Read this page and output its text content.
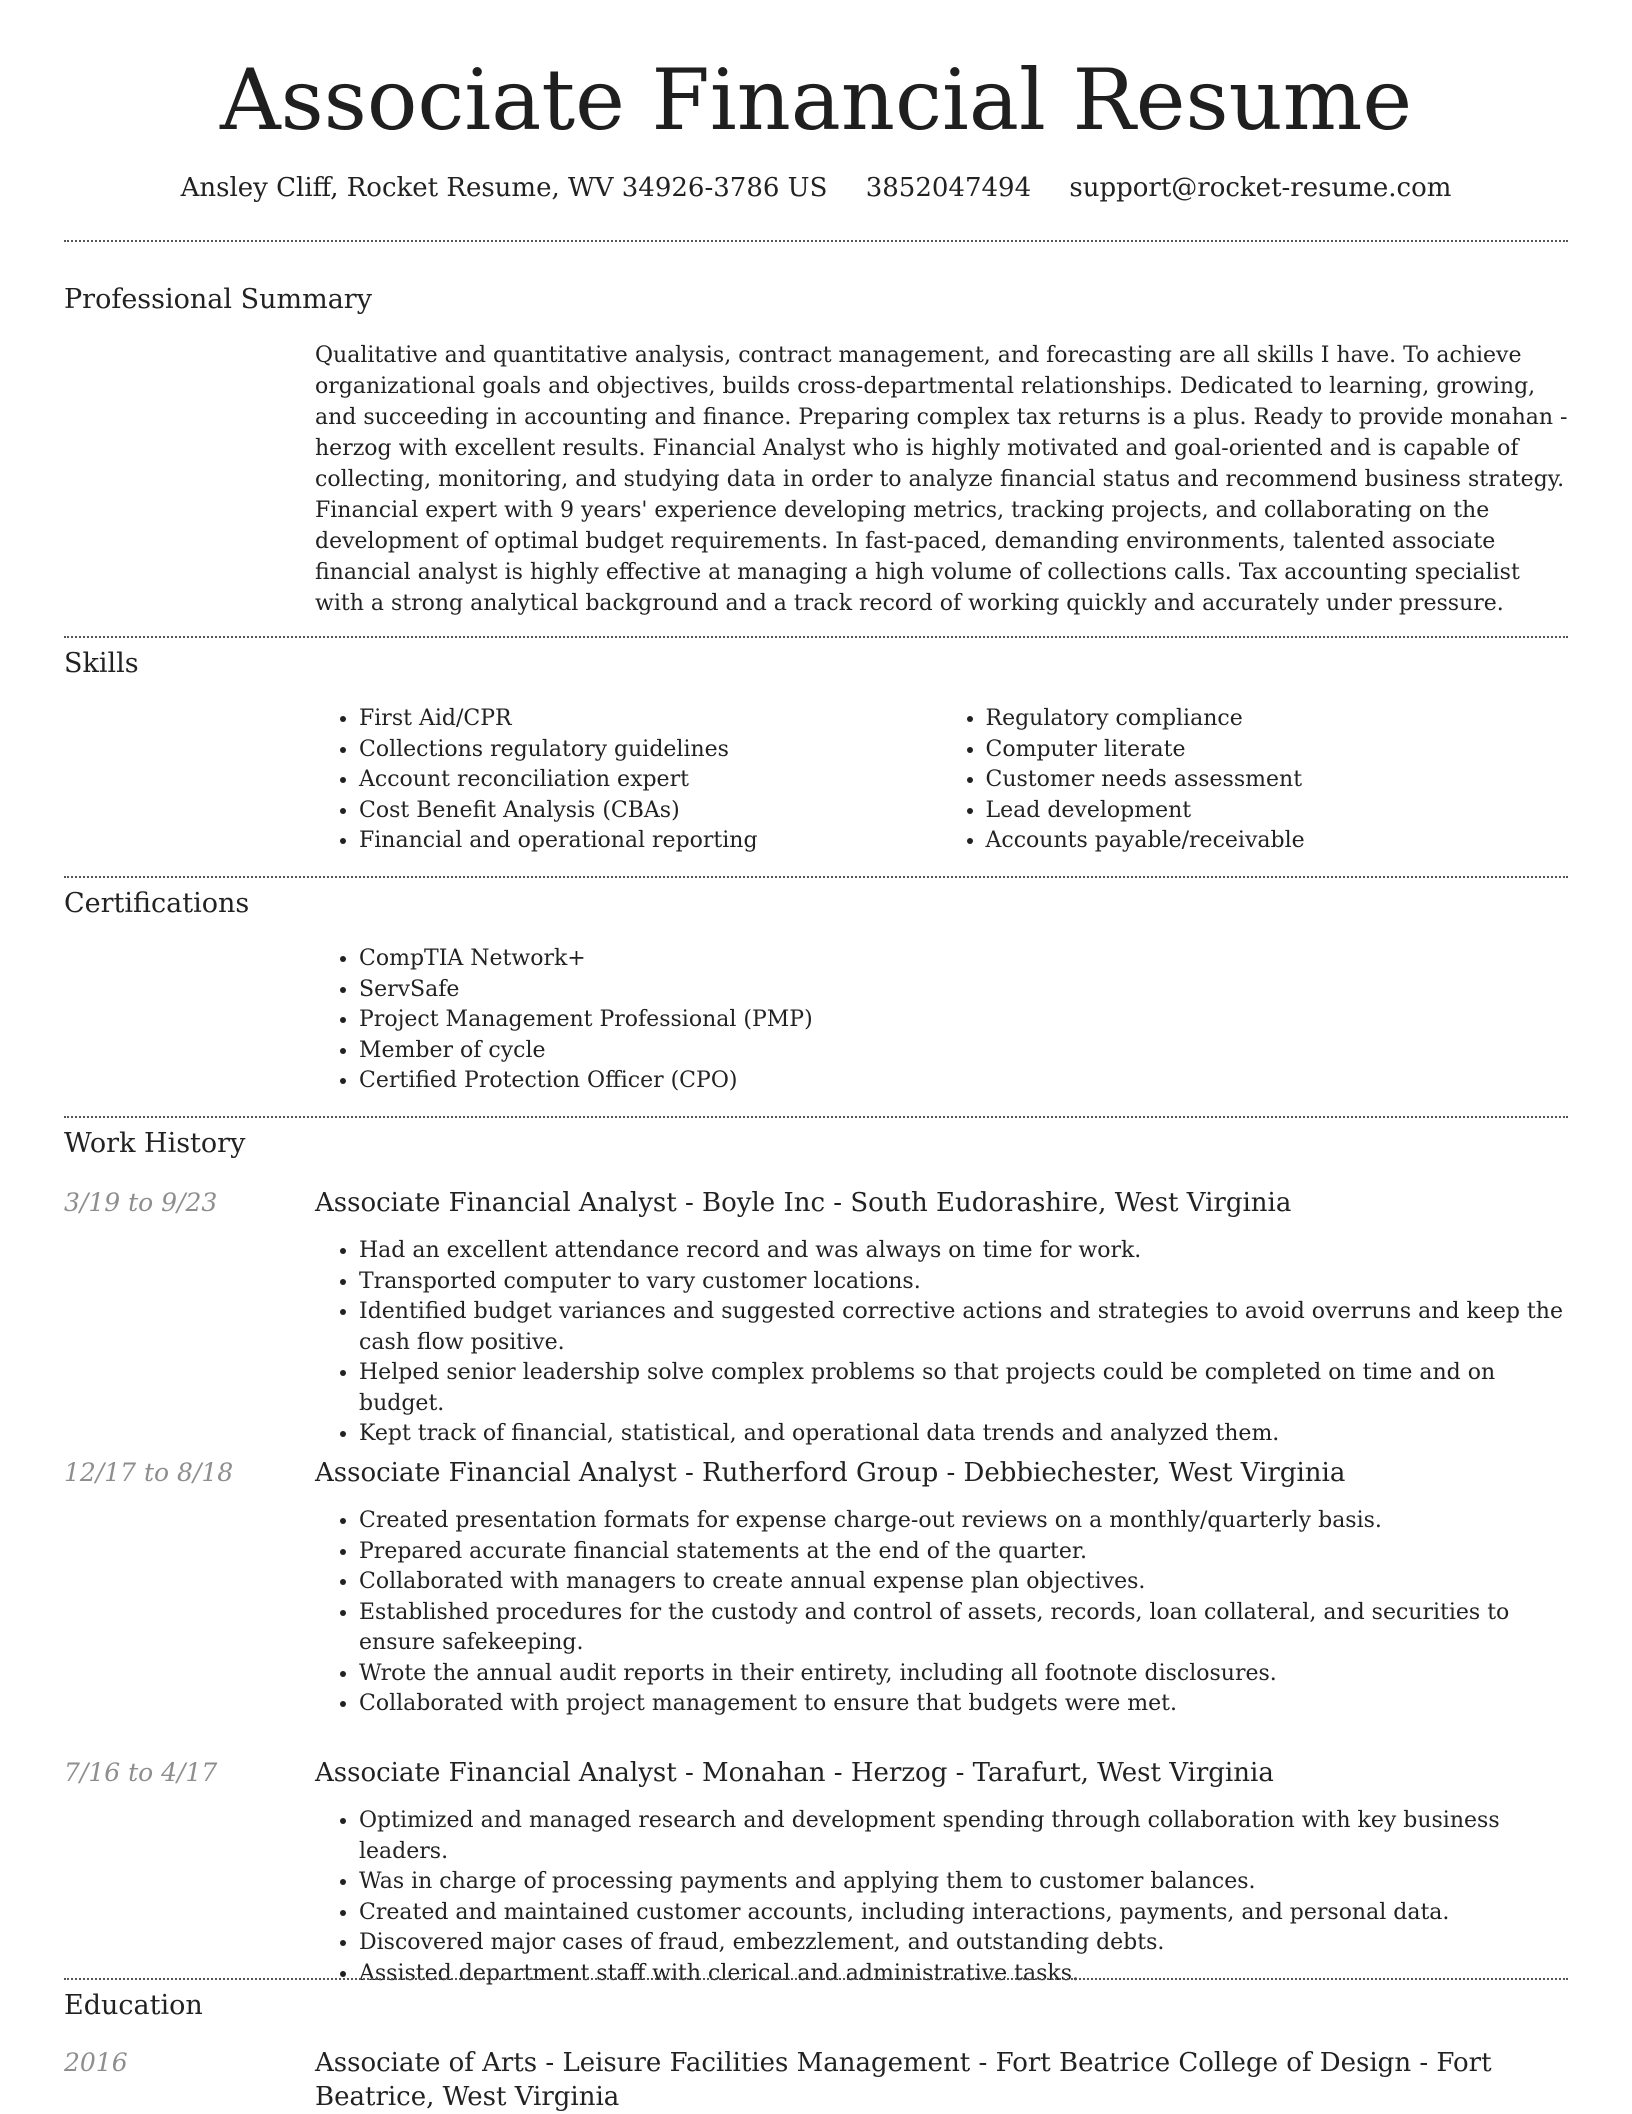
Associate Financial Resume
Ansley Cliff, Rocket Resume, WV 34926-3786 US 3852047494 support@rocket-resume.com
Professional Summary
Qualitative and quantitative analysis, contract management, and forecasting are all skills I have. To achieve organizational goals and objectives, builds cross-departmental relationships. Dedicated to learning, growing, and succeeding in accounting and finance. Preparing complex tax returns is a plus. Ready to provide monahan - herzog with excellent results. Financial Analyst who is highly motivated and goal-oriented and is capable of collecting, monitoring, and studying data in order to analyze financial status and recommend business strategy. Financial expert with 9 years' experience developing metrics, tracking projects, and collaborating on the development of optimal budget requirements. In fast-paced, demanding environments, talented associate financial analyst is highly effective at managing a high volume of collections calls. Tax accounting specialist with a strong analytical background and a track record of working quickly and accurately under pressure.
Skills
• First Aid/CPR
• Collections regulatory guidelines
• Account reconciliation expert
• Cost Benefit Analysis (CBAs)
• Financial and operational reporting
• Regulatory compliance
• Computer literate
• Customer needs assessment
• Lead development
• Accounts payable/receivable
Certifications
• CompTIA Network+
• ServSafe
• Project Management Professional (PMP)
• Member of cycle
• Certified Protection Officer (CPO)
Work History
3/19 to 9/23	Associate Financial Analyst - Boyle Inc - South Eudorashire, West Virginia
• Had an excellent attendance record and was always on time for work.
• Transported computer to vary customer locations.
• Identified budget variances and suggested corrective actions and strategies to avoid overruns and keep the cash flow positive.
• Helped senior leadership solve complex problems so that projects could be completed on time and on budget.
• Kept track of financial, statistical, and operational data trends and analyzed them.
12/17 to 8/18	Associate Financial Analyst - Rutherford Group - Debbiechester, West Virginia
• Created presentation formats for expense charge-out reviews on a monthly/quarterly basis.
• Prepared accurate financial statements at the end of the quarter.
• Collaborated with managers to create annual expense plan objectives.
• Established procedures for the custody and control of assets, records, loan collateral, and securities to ensure safekeeping.
• Wrote the annual audit reports in their entirety, including all footnote disclosures.
• Collaborated with project management to ensure that budgets were met.
7/16 to 4/17	Associate Financial Analyst - Monahan - Herzog - Tarafurt, West Virginia
• Optimized and managed research and development spending through collaboration with key business leaders.
• Was in charge of processing payments and applying them to customer balances.
• Created and maintained customer accounts, including interactions, payments, and personal data.
• Discovered major cases of fraud, embezzlement, and outstanding debts.
• Assisted department staff with clerical and administrative tasks.
Education
2016	Associate of Arts - Leisure Facilities Management - Fort Beatrice College of Design - Fort Beatrice, West Virginia
